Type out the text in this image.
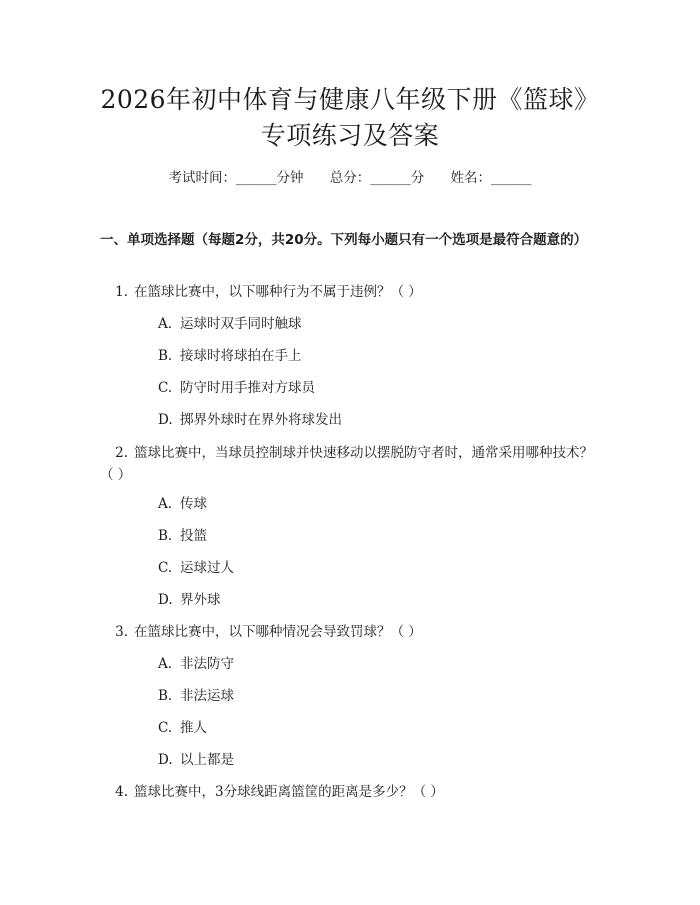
2026年初中体育与健康八年级下册《篮球》
专项练习及答案
考试时间：______分钟 总分：______分 姓名：______
一、单项选择题（每题2分，共20分。下列每小题只有一个选项是最符合题意的）
1. 在篮球比赛中，以下哪种行为不属于违例？（ ）
A. 运球时双手同时触球
B. 接球时将球拍在手上
C. 防守时用手推对方球员
D. 掷界外球时在界外将球发出
2. 篮球比赛中，当球员控制球并快速移动以摆脱防守者时，通常采用哪种技术？（ ）
A. 传球
B. 投篮
C. 运球过人
D. 界外球
3. 在篮球比赛中，以下哪种情况会导致罚球？（ ）
A. 非法防守
B. 非法运球
C. 推人
D. 以上都是
4. 篮球比赛中，3分球线距离篮筐的距离是多少？（ ）
